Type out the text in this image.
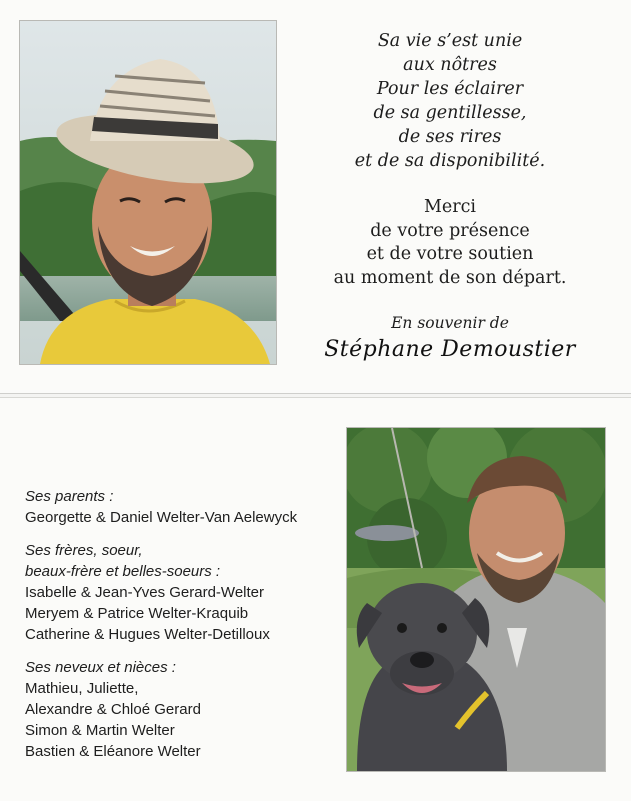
Sa vie s’est unie
aux nôtres
Pour les éclairer
de sa gentillesse,
de ses rires
et de sa disponibilité.
Merci
de votre présence
et de votre soutien
au moment de son départ.
En souvenir de
Stéphane Demoustier
Ses parents :
Georgette & Daniel Welter-Van Aelewyck
Ses frères, soeur,
beaux-frère et belles-soeurs :
Isabelle & Jean-Yves Gerard-Welter
Meryem & Patrice Welter-Kraquib
Catherine & Hugues Welter-Detilloux
Ses neveux et nièces :
Mathieu, Juliette,
Alexandre & Chloé Gerard
Simon & Martin Welter
Bastien & Eléanore Welter
